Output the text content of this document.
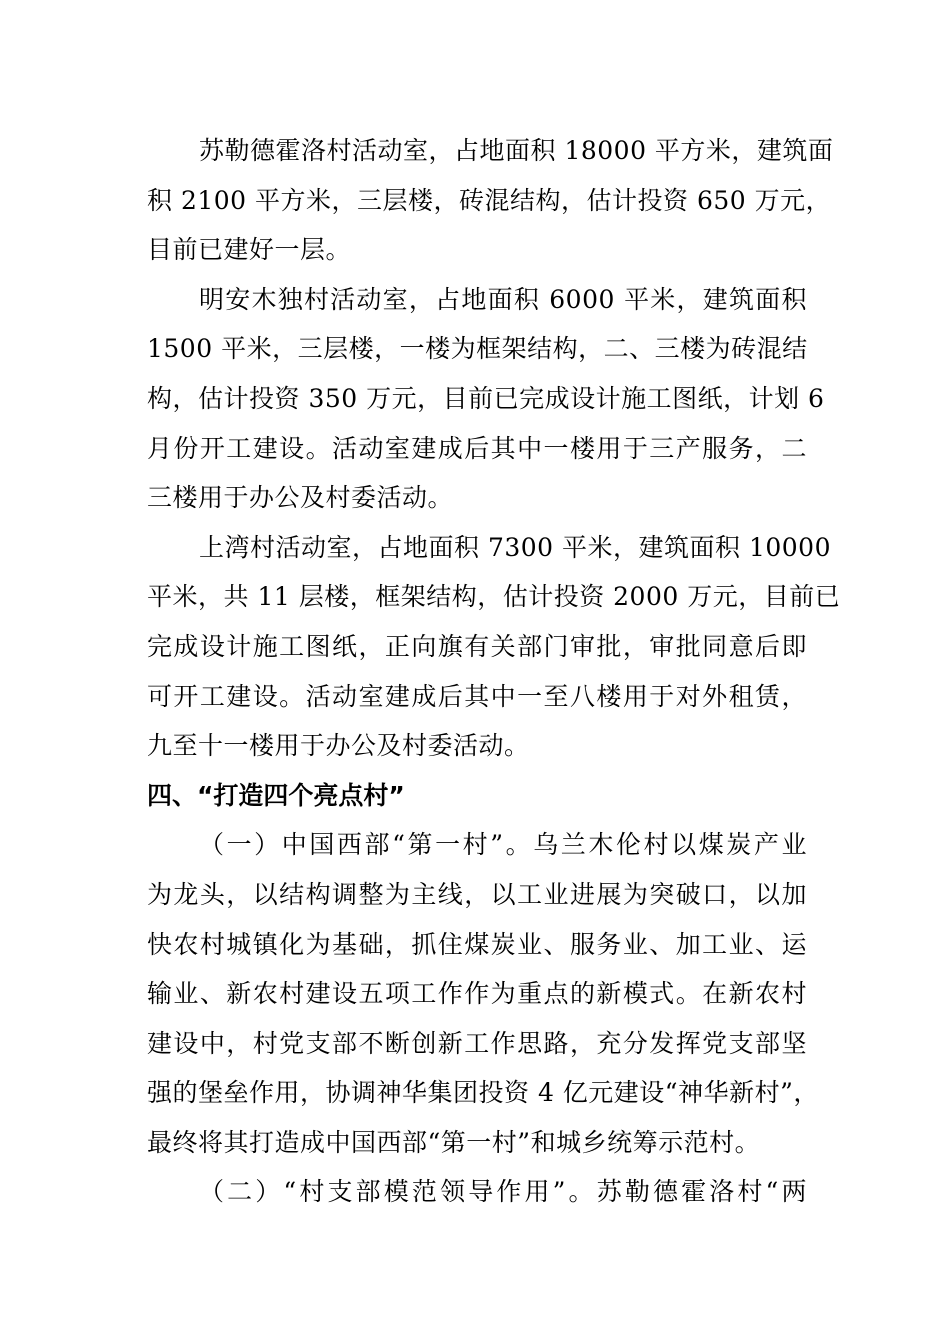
苏勒德霍洛村活动室，占地面积 18000 平方米，建筑面
积 2100 平方米，三层楼，砖混结构，估计投资 650 万元，
目前已建好一层。
明安木独村活动室，占地面积 6000 平米，建筑面积
1500 平米，三层楼，一楼为框架结构，二、三楼为砖混结
构，估计投资 350 万元，目前已完成设计施工图纸，计划 6
月份开工建设。活动室建成后其中一楼用于三产服务，二
三楼用于办公及村委活动。
上湾村活动室，占地面积 7300 平米，建筑面积 10000
平米，共 11 层楼，框架结构，估计投资 2000 万元，目前已
完成设计施工图纸，正向旗有关部门审批，审批同意后即
可开工建设。活动室建成后其中一至八楼用于对外租赁，
九至十一楼用于办公及村委活动。
四、“打造四个亮点村”
（一）中国西部“第一村”。乌兰木伦村以煤炭产业
为龙头，以结构调整为主线，以工业进展为突破口，以加
快农村城镇化为基础，抓住煤炭业、服务业、加工业、运
输业、新农村建设五项工作作为重点的新模式。在新农村
建设中，村党支部不断创新工作思路，充分发挥党支部坚
强的堡垒作用，协调神华集团投资 4 亿元建设“神华新村”，
最终将其打造成中国西部“第一村”和城乡统筹示范村。
（二）“村支部模范领导作用”。苏勒德霍洛村“两
